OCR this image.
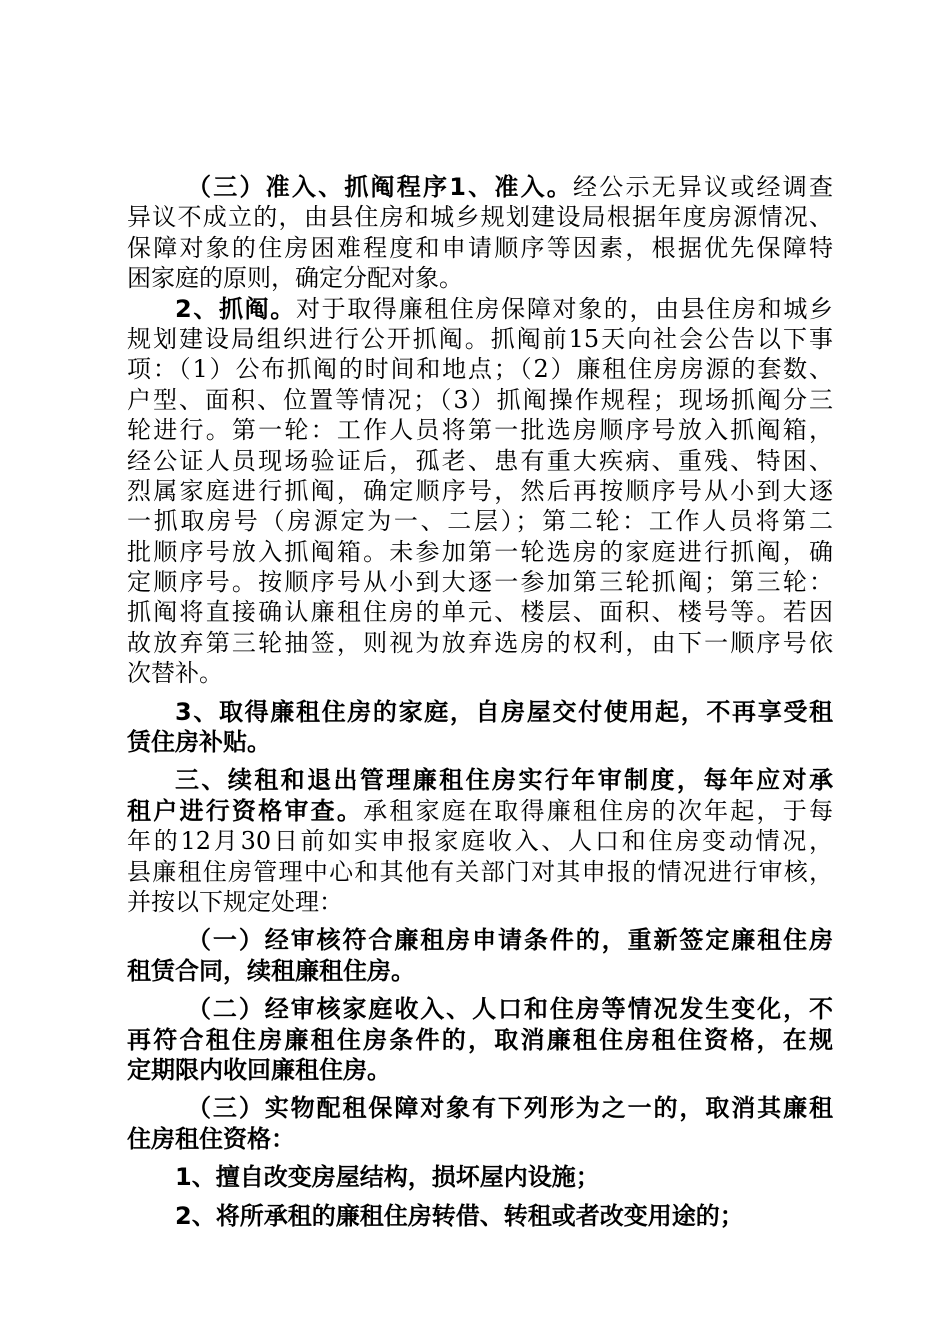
（三）准入、抓阄程序1、准入。经公示无异议或经调查
异议不成立的，由县住房和城乡规划建设局根据年度房源情况、
保障对象的住房困难程度和申请顺序等因素，根据优先保障特
困家庭的原则，确定分配对象。
2、抓阄。对于取得廉租住房保障对象的，由县住房和城乡
规划建设局组织进行公开抓阄。抓阄前15天向社会公告以下事
项：（1）公布抓阄的时间和地点；（2）廉租住房房源的套数、
户型、面积、位置等情况；（3）抓阄操作规程；现场抓阄分三
轮进行。第一轮：工作人员将第一批选房顺序号放入抓阄箱，
经公证人员现场验证后，孤老、患有重大疾病、重残、特困、
烈属家庭进行抓阄，确定顺序号，然后再按顺序号从小到大逐
一抓取房号（房源定为一、二层）；第二轮：工作人员将第二
批顺序号放入抓阄箱。未参加第一轮选房的家庭进行抓阄，确
定顺序号。按顺序号从小到大逐一参加第三轮抓阄；第三轮：
抓阄将直接确认廉租住房的单元、楼层、面积、楼号等。若因
故放弃第三轮抽签，则视为放弃选房的权利，由下一顺序号依
次替补。
3、取得廉租住房的家庭，自房屋交付使用起，不再享受租
赁住房补贴。
三、续租和退出管理廉租住房实行年审制度，每年应对承
租户进行资格审查。承租家庭在取得廉租住房的次年起，于每
年的12月30日前如实申报家庭收入、人口和住房变动情况，
县廉租住房管理中心和其他有关部门对其申报的情况进行审核，
并按以下规定处理：
（一）经审核符合廉租房申请条件的，重新签定廉租住房
租赁合同，续租廉租住房。
（二）经审核家庭收入、人口和住房等情况发生变化，不
再符合租住房廉租住房条件的，取消廉租住房租住资格，在规
定期限内收回廉租住房。
（三）实物配租保障对象有下列形为之一的，取消其廉租
住房租住资格：
1、擅自改变房屋结构，损坏屋内设施；
2、将所承租的廉租住房转借、转租或者改变用途的；
